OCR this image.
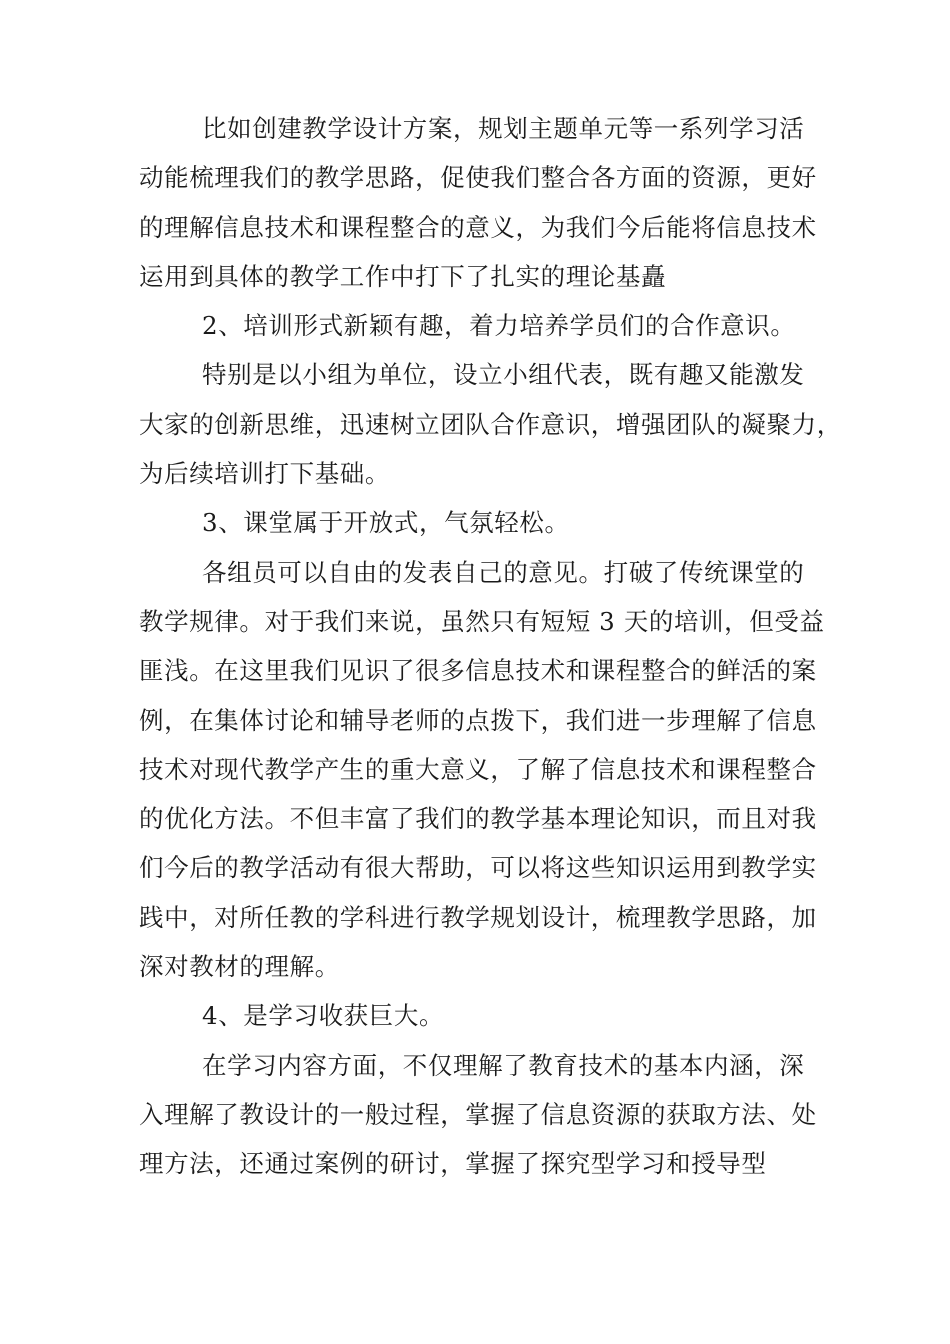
比如创建教学设计方案，规划主题单元等一系列学习活
动能梳理我们的教学思路，促使我们整合各方面的资源，更好
的理解信息技术和课程整合的意义，为我们今后能将信息技术
运用到具体的教学工作中打下了扎实的理论基矗
2、培训形式新颖有趣，着力培养学员们的合作意识。
特别是以小组为单位，设立小组代表，既有趣又能激发
大家的创新思维，迅速树立团队合作意识，增强团队的凝聚力，
为后续培训打下基础。
3、课堂属于开放式，气氛轻松。
各组员可以自由的发表自己的意见。打破了传统课堂的
教学规律。对于我们来说，虽然只有短短 3 天的培训，但受益
匪浅。在这里我们见识了很多信息技术和课程整合的鲜活的案
例，在集体讨论和辅导老师的点拨下，我们进一步理解了信息
技术对现代教学产生的重大意义，了解了信息技术和课程整合
的优化方法。不但丰富了我们的教学基本理论知识，而且对我
们今后的教学活动有很大帮助，可以将这些知识运用到教学实
践中，对所任教的学科进行教学规划设计，梳理教学思路，加
深对教材的理解。
4、是学习收获巨大。
在学习内容方面，不仅理解了教育技术的基本内涵，深
入理解了教设计的一般过程，掌握了信息资源的获取方法、处
理方法，还通过案例的研讨，掌握了探究型学习和授导型
